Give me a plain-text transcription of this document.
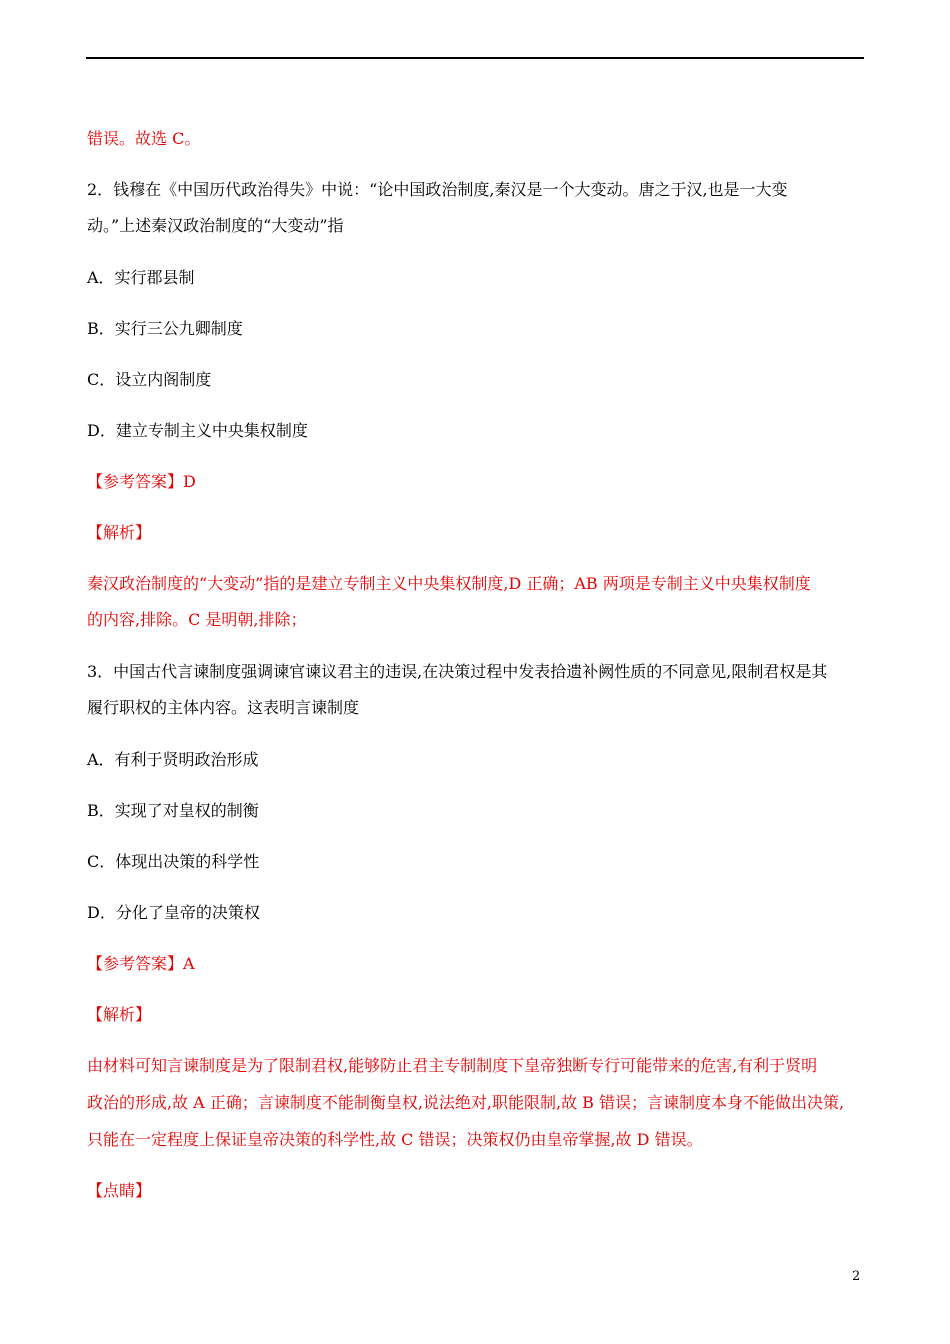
错误。故选 C。
2．钱穆在《中国历代政治得失》中说：“论中国政治制度,秦汉是一个大变动。唐之于汉,也是一大变
动。”上述秦汉政治制度的“大变动”指
A．实行郡县制
B．实行三公九卿制度
C．设立内阁制度
D．建立专制主义中央集权制度
【参考答案】D
【解析】
秦汉政治制度的“大变动”指的是建立专制主义中央集权制度,D 正确；AB 两项是专制主义中央集权制度
的内容,排除。C 是明朝,排除；
3．中国古代言谏制度强调谏官谏议君主的违误,在决策过程中发表拾遗补阙性质的不同意见,限制君权是其
履行职权的主体内容。这表明言谏制度
A．有利于贤明政治形成
B．实现了对皇权的制衡
C．体现出决策的科学性
D．分化了皇帝的决策权
【参考答案】A
【解析】
由材料可知言谏制度是为了限制君权,能够防止君主专制制度下皇帝独断专行可能带来的危害,有利于贤明
政治的形成,故 A 正确；言谏制度不能制衡皇权,说法绝对,职能限制,故 B 错误；言谏制度本身不能做出决策,
只能在一定程度上保证皇帝决策的科学性,故 C 错误；决策权仍由皇帝掌握,故 D 错误。
【点睛】
2
